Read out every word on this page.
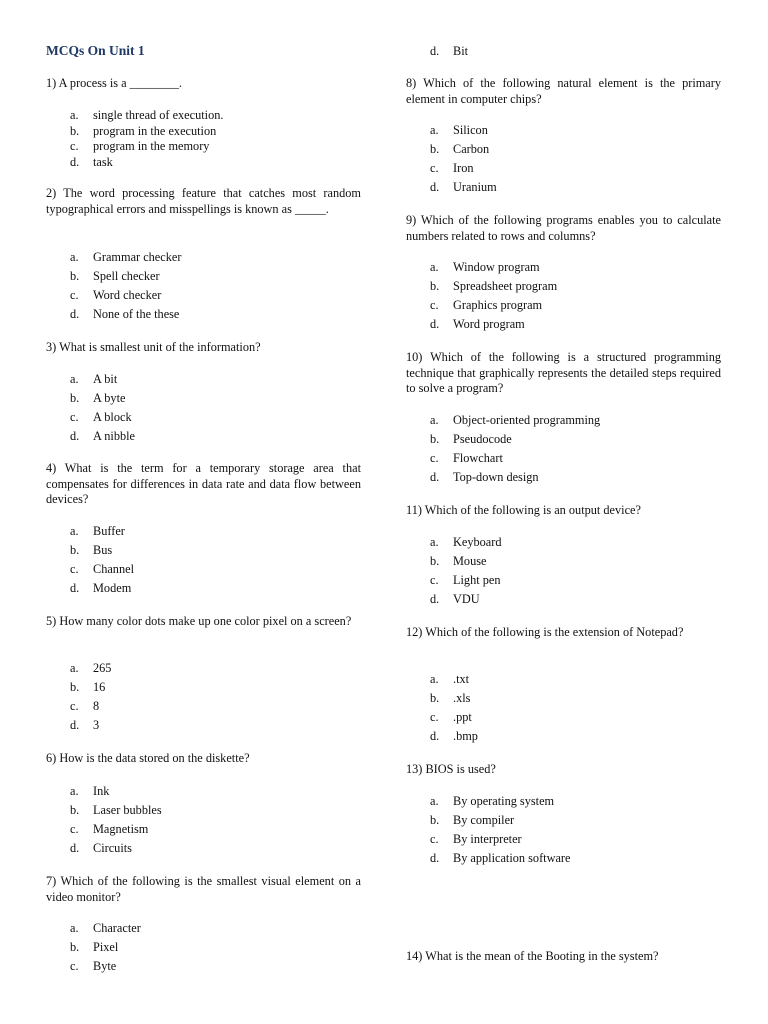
MCQs On Unit 1

1) A process is a ________.

a. single thread of execution.
b. program in the execution
c. program in the memory
d. task

2) The word processing feature that catches most random typographical errors and misspellings is known as _____.

a. Grammar checker
b. Spell checker
c. Word checker
d. None of the these

3) What is smallest unit of the information?

a. A bit
b. A byte
c. A block
d. A nibble

4) What is the term for a temporary storage area that compensates for differences in data rate and data flow between devices?

a. Buffer
b. Bus
c. Channel
d. Modem

5) How many color dots make up one color pixel on a screen?

a. 265
b. 16
c. 8
d. 3

6) How is the data stored on the diskette?

a. Ink
b. Laser bubbles
c. Magnetism
d. Circuits

7) Which of the following is the smallest visual element on a video monitor?

a. Character
b. Pixel
c. Byte
d. Bit

8) Which of the following natural element is the primary element in computer chips?

a. Silicon
b. Carbon
c. Iron
d. Uranium

9) Which of the following programs enables you to calculate numbers related to rows and columns?

a. Window program
b. Spreadsheet program
c. Graphics program
d. Word program

10) Which of the following is a structured programming technique that graphically represents the detailed steps required to solve a program?

a. Object-oriented programming
b. Pseudocode
c. Flowchart
d. Top-down design

11) Which of the following is an output device?

a. Keyboard
b. Mouse
c. Light pen
d. VDU

12) Which of the following is the extension of Notepad?

a. .txt
b. .xls
c. .ppt
d. .bmp

13) BIOS is used?

a. By operating system
b. By compiler
c. By interpreter
d. By application software

14) What is the mean of the Booting in the system?
